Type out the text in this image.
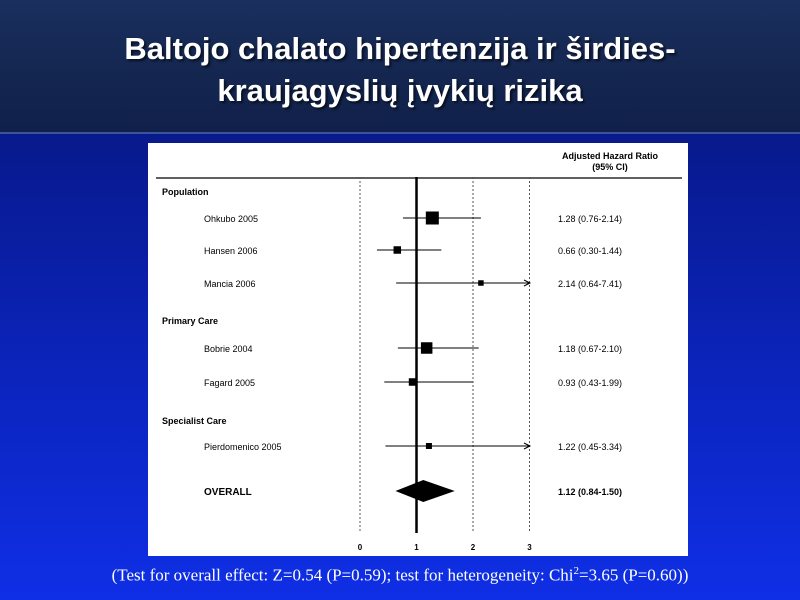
Baltojo chalato hipertenzija ir širdies-
kraujagyslių įvykių rizika
Adjusted Hazard Ratio
(95% CI)
0	1	2	3
Population
Ohkubo 2005	1.28 (0.76-2.14)
Hansen 2006	0.66 (0.30-1.44)
Mancia 2006	2.14 (0.64-7.41)
Primary Care
Bobrie 2004	1.18 (0.67-2.10)
Fagard 2005	0.93 (0.43-1.99)
Specialist Care
Pierdomenico 2005	1.22 (0.45-3.34)
OVERALL	1.12 (0.84-1.50)
(Test for overall effect: Z=0.54 (P=0.59); test for heterogeneity: Chi$^2$=3.65 (P=0.60))
